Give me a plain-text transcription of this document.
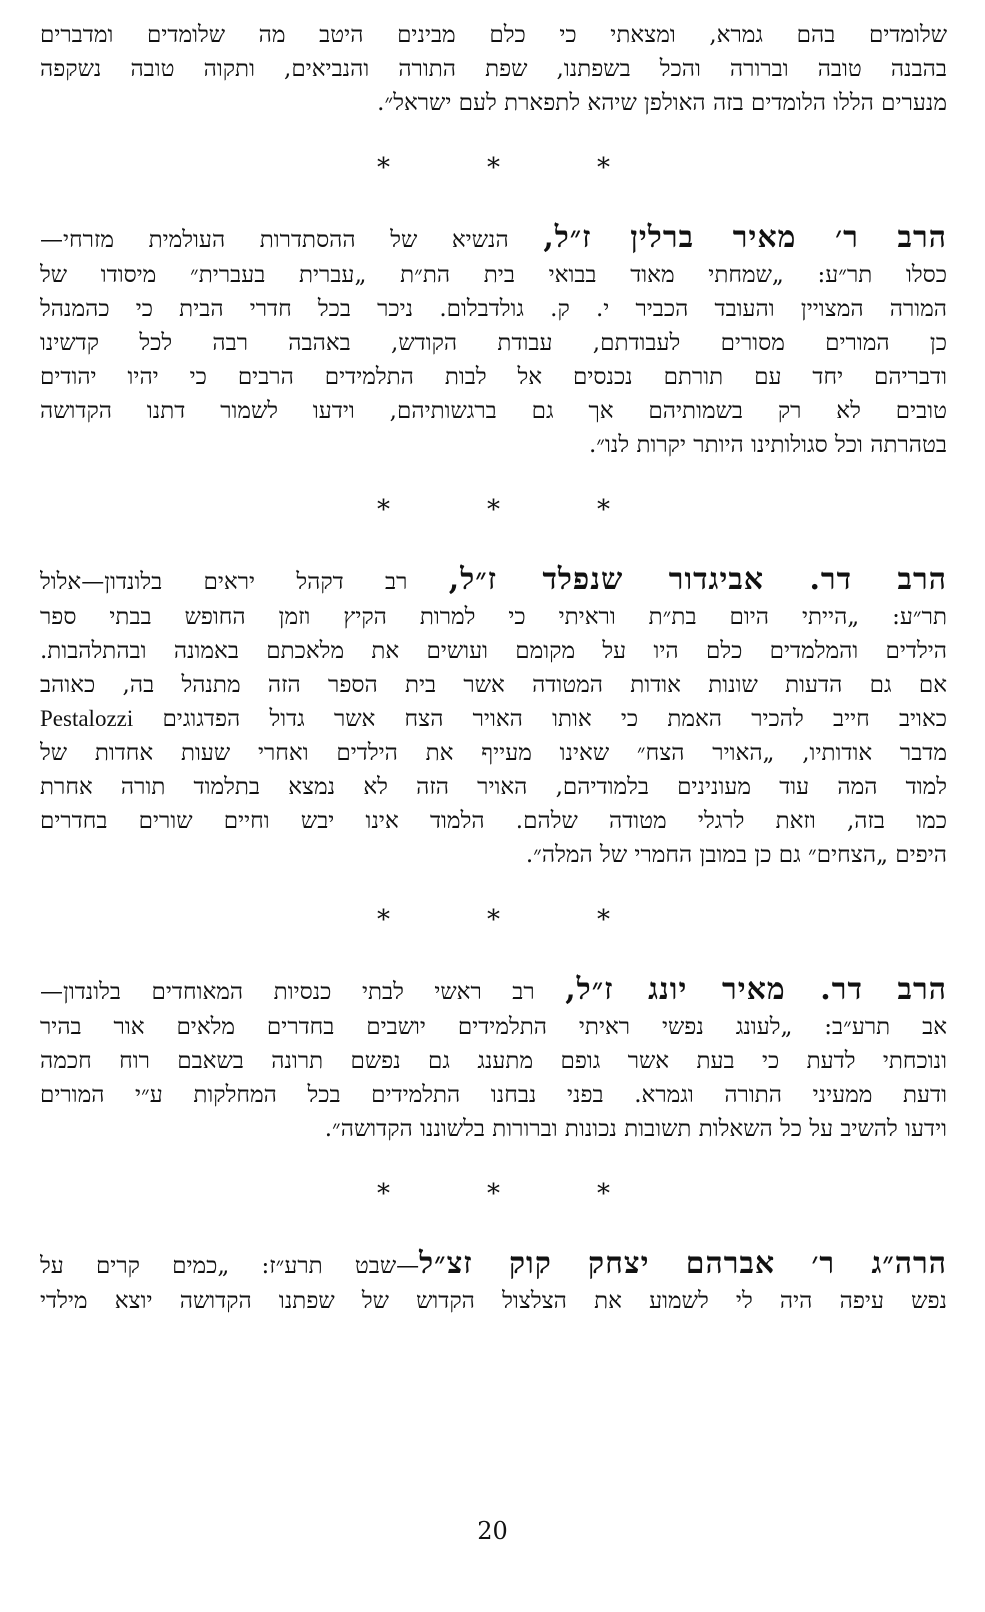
שלומדים בהם גמרא, ומצאתי כי כלם מבינים היטב מה שלומדים ומדברים
בהבנה טובה וברורה והכל בשפתנו, שפת התורה והנביאים, ותקוה טובה נשקפה
מנערים הללו הלומדים בזה האולפן שיהא לתפארת לעם ישראל״.
*	*	*
הרב ר׳ מאיר ברלין ז״ל, הנשיא של ההסתדרות העולמית מזרחי—
כסלו תר״ע: „שמחתי מאוד בבואי בית הת״ת „עברית בעברית״ מיסודו של
המורה המצויין והעובד הכביר י. ק. גולדבלום. ניכר בכל חדרי הבית כי כהמנהל
כן המורים מסורים לעבודתם, עבודת הקודש, באהבה רבה לכל קדשינו
ודבריהם יחד עם תורתם נכנסים אל לבות התלמידים הרבים כי יהיו יהודים
טובים לא רק בשמותיהם אך גם ברגשותיהם, וידעו לשמור דתנו הקדושה
בטהרתה וכל סגולותינו היותר יקרות לנו״.
*	*	*
הרב דר. אביגדור שנפלד ז״ל, רב דקהל יראים בלונדון—אלול
תר״ע: „הייתי היום בת״ת וראיתי כי למרות הקיץ וזמן החופש בבתי ספר
הילדים והמלמדים כלם היו על מקומם ועושים את מלאכתם באמונה ובהתלהבות.
אם גם הדעות שונות אודות המטודה אשר בית הספר הזה מתנהל בה, כאוהב
כאויב חייב להכיר האמת כי אותו האויר הצח אשר גדול הפדגוגים Pestalozzi
מדבר אודותיו, „האויר הצח״ שאינו מעייף את הילדים ואחרי שעות אחדות של
למוד המה עוד מעונינים בלמודיהם, האויר הזה לא נמצא בתלמוד תורה אחרת
כמו בזה, וזאת לרגלי מטודה שלהם. הלמוד אינו יבש וחיים שורים בחדרים
היפים „הצחים״ גם כן במובן החמרי של המלה״.
*	*	*
הרב דר. מאיר יונג ז״ל, רב ראשי לבתי כנסיות המאוחדים בלונדון—
אב תרע״ב: „לעונג נפשי ראיתי התלמידים יושבים בחדרים מלאים אור בהיר
ונוכחתי לדעת כי בעת אשר גופם מתענג גם נפשם תרונה בשאבם רוח חכמה
ודעת ממעיני התורה וגמרא. בפני נבחנו התלמידים בכל המחלקות ע״י המורים
וידעו להשיב על כל השאלות תשובות נכונות וברורות בלשוננו הקדושה״.
*	*	*
הרה״ג ר׳ אברהם יצחק קוק זצ״ל—שבט תרע״ז: „כמים קרים על
נפש עיפה היה לי לשמוע את הצלצול הקדוש של שפתנו הקדושה יוצא מילדי
20
